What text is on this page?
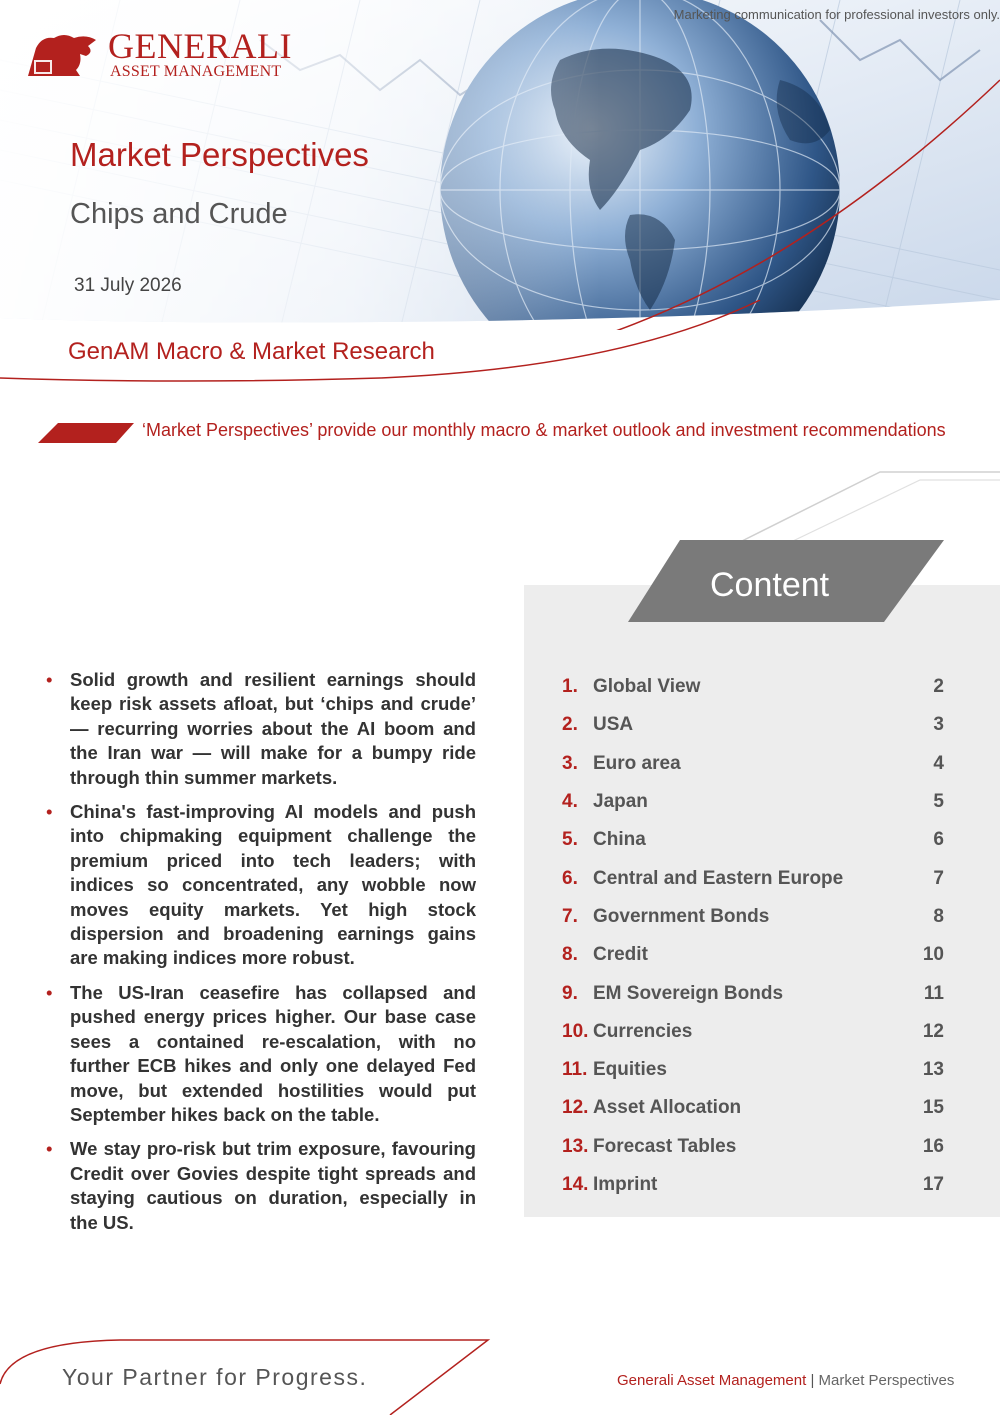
Marketing communication for professional investors only.
GENERALI
ASSET MANAGEMENT
Market Perspectives
Chips and Crude
31 July 2026
GenAM Macro & Market Research
‘Market Perspectives’ provide our monthly macro & market outlook and investment recommendations
• Solid growth and resilient earnings should keep risk assets afloat, but ‘chips and crude’ — recurring worries about the AI boom and the Iran war — will make for a bumpy ride through thin summer markets.
• China's fast-improving AI models and push into chipmaking equipment challenge the premium priced into tech leaders; with indices so concentrated, any wobble now moves equity markets. Yet high stock dispersion and broadening earnings gains are making indices more robust.
• The US-Iran ceasefire has collapsed and pushed energy prices higher. Our base case sees a contained re-escalation, with no further ECB hikes and only one delayed Fed move, but extended hostilities would put September hikes back on the table.
• We stay pro-risk but trim exposure, favouring Credit over Govies despite tight spreads and staying cautious on duration, especially in the US.
Content
1. Global View	2
2. USA	3
3. Euro area	4
4. Japan	5
5. China	6
6. Central and Eastern Europe	7
7. Government Bonds	8
8. Credit	10
9. EM Sovereign Bonds	11
10. Currencies	12
11. Equities	13
12. Asset Allocation	15
13. Forecast Tables	16
14. Imprint	17
Your Partner for Progress.	Generali Asset Management | Market Perspectives
